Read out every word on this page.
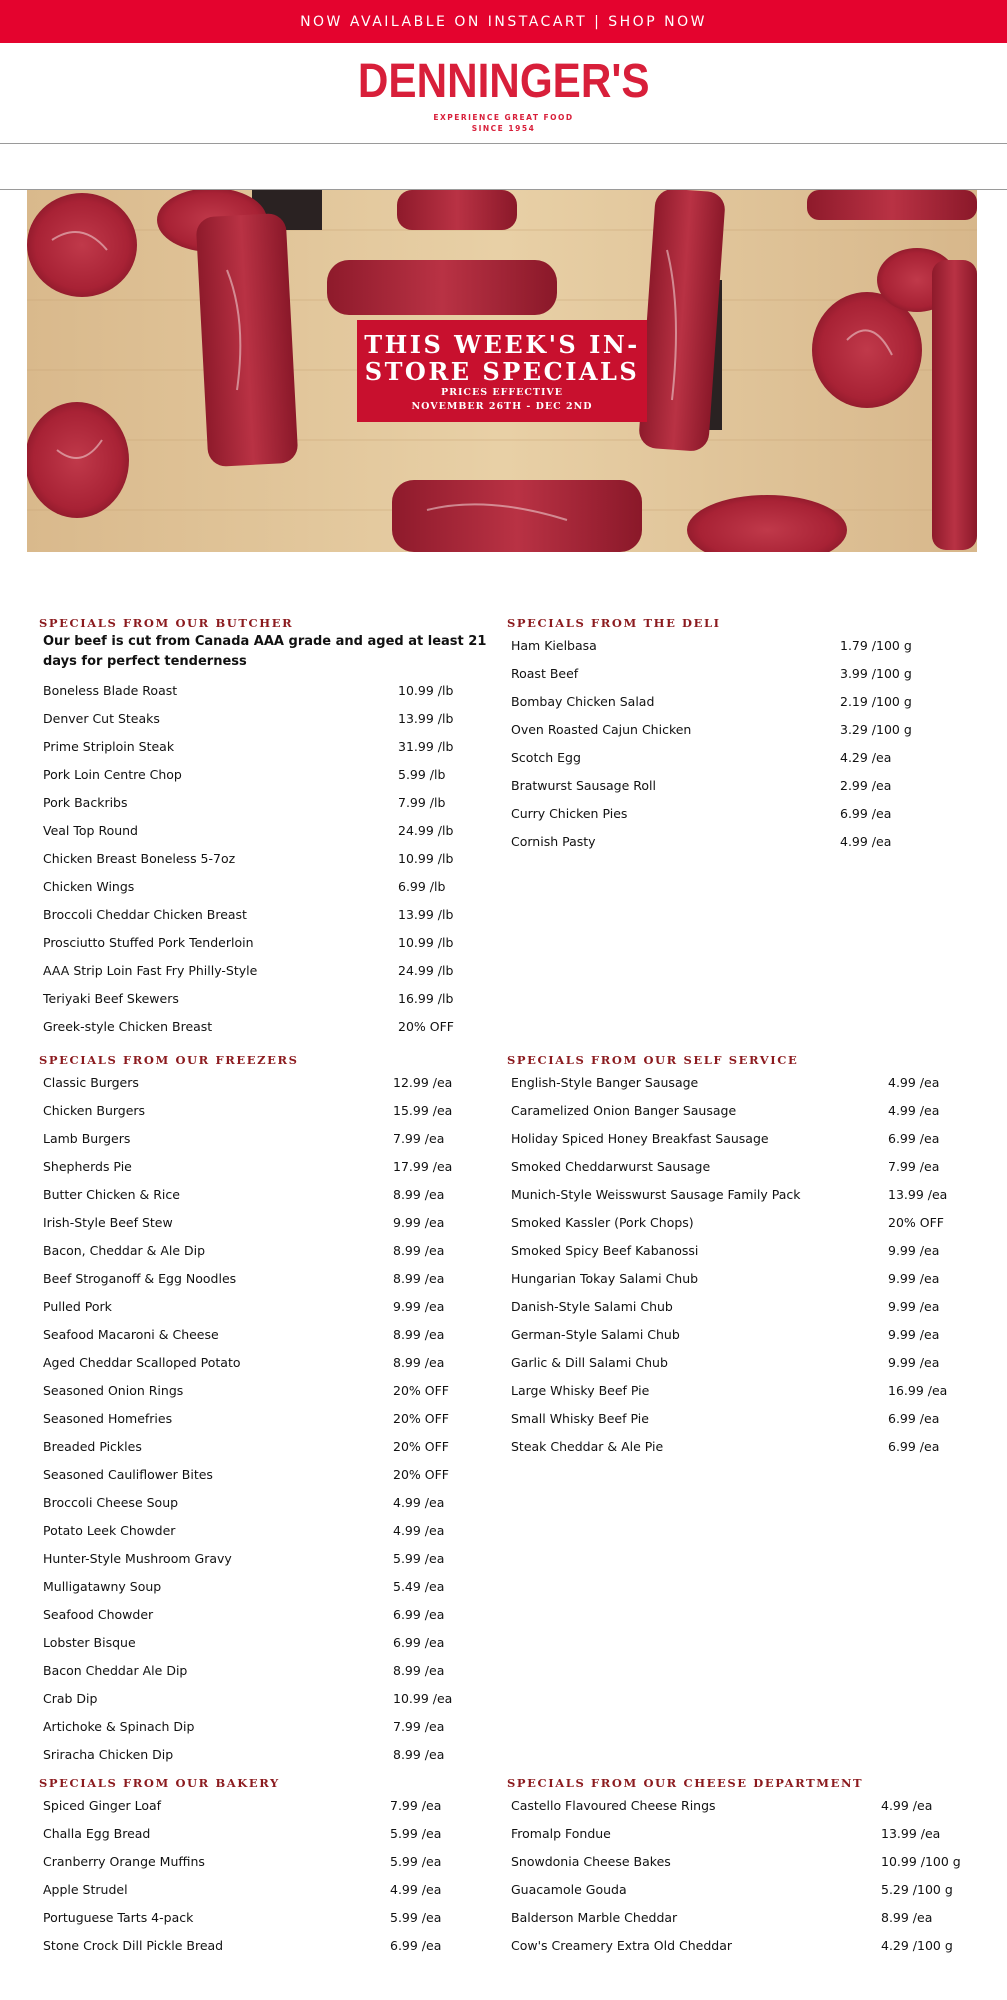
NOW AVAILABLE ON INSTACART | SHOP NOW
DENNINGER'S
EXPERIENCE GREAT FOOD
SINCE 1954
THIS WEEK'S IN-
STORE SPECIALS
PRICES EFFECTIVE
NOVEMBER 26TH - DEC 2ND
SPECIALS FROM OUR BUTCHER
Our beef is cut from Canada AAA grade and aged at least 21 days for perfect tenderness
Boneless Blade Roast	10.99 /lb
Denver Cut Steaks	13.99 /lb
Prime Striploin Steak	31.99 /lb
Pork Loin Centre Chop	5.99 /lb
Pork Backribs	7.99 /lb
Veal Top Round	24.99 /lb
Chicken Breast Boneless 5-7oz	10.99 /lb
Chicken Wings	6.99 /lb
Broccoli Cheddar Chicken Breast	13.99 /lb
Prosciutto Stuffed Pork Tenderloin	10.99 /lb
AAA Strip Loin Fast Fry Philly-Style	24.99 /lb
Teriyaki Beef Skewers	16.99 /lb
Greek-style Chicken Breast	20% OFF
SPECIALS FROM THE DELI
Ham Kielbasa	1.79 /100 g
Roast Beef	3.99 /100 g
Bombay Chicken Salad	2.19 /100 g
Oven Roasted Cajun Chicken	3.29 /100 g
Scotch Egg	4.29 /ea
Bratwurst Sausage Roll	2.99 /ea
Curry Chicken Pies	6.99 /ea
Cornish Pasty	4.99 /ea
SPECIALS FROM OUR FREEZERS
Classic Burgers	12.99 /ea
Chicken Burgers	15.99 /ea
Lamb Burgers	7.99 /ea
Shepherds Pie	17.99 /ea
Butter Chicken & Rice	8.99 /ea
Irish-Style Beef Stew	9.99 /ea
Bacon, Cheddar & Ale Dip	8.99 /ea
Beef Stroganoff & Egg Noodles	8.99 /ea
Pulled Pork	9.99 /ea
Seafood Macaroni & Cheese	8.99 /ea
Aged Cheddar Scalloped Potato	8.99 /ea
Seasoned Onion Rings	20% OFF
Seasoned Homefries	20% OFF
Breaded Pickles	20% OFF
Seasoned Cauliflower Bites	20% OFF
Broccoli Cheese Soup	4.99 /ea
Potato Leek Chowder	4.99 /ea
Hunter-Style Mushroom Gravy	5.99 /ea
Mulligatawny Soup	5.49 /ea
Seafood Chowder	6.99 /ea
Lobster Bisque	6.99 /ea
Bacon Cheddar Ale Dip	8.99 /ea
Crab Dip	10.99 /ea
Artichoke & Spinach Dip	7.99 /ea
Sriracha Chicken Dip	8.99 /ea
SPECIALS FROM OUR SELF SERVICE
English-Style Banger Sausage	4.99 /ea
Caramelized Onion Banger Sausage	4.99 /ea
Holiday Spiced Honey Breakfast Sausage	6.99 /ea
Smoked Cheddarwurst Sausage	7.99 /ea
Munich-Style Weisswurst Sausage Family Pack	13.99 /ea
Smoked Kassler (Pork Chops)	20% OFF
Smoked Spicy Beef Kabanossi	9.99 /ea
Hungarian Tokay Salami Chub	9.99 /ea
Danish-Style Salami Chub	9.99 /ea
German-Style Salami Chub	9.99 /ea
Garlic & Dill Salami Chub	9.99 /ea
Large Whisky Beef Pie	16.99 /ea
Small Whisky Beef Pie	6.99 /ea
Steak Cheddar & Ale Pie	6.99 /ea
SPECIALS FROM OUR BAKERY
Spiced Ginger Loaf	7.99 /ea
Challa Egg Bread	5.99 /ea
Cranberry Orange Muffins	5.99 /ea
Apple Strudel	4.99 /ea
Portuguese Tarts 4-pack	5.99 /ea
Stone Crock Dill Pickle Bread	6.99 /ea
SPECIALS FROM OUR CHEESE DEPARTMENT
Castello Flavoured Cheese Rings	4.99 /ea
Fromalp Fondue	13.99 /ea
Snowdonia Cheese Bakes	10.99 /100 g
Guacamole Gouda	5.29 /100 g
Balderson Marble Cheddar	8.99 /ea
Cow's Creamery Extra Old Cheddar	4.29 /100 g
